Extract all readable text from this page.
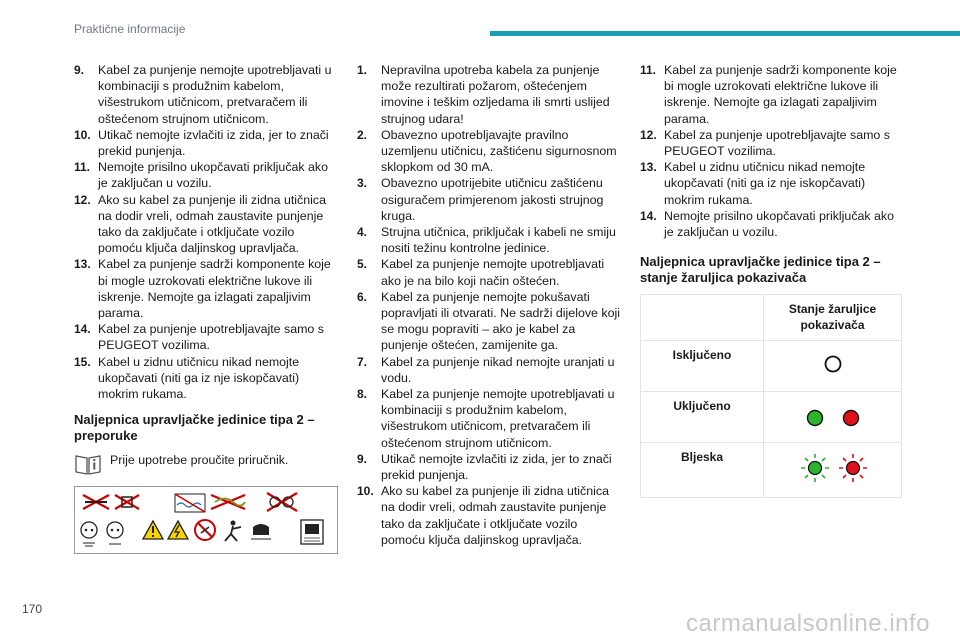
Praktične informacije
9.	Kabel za punjenje nemojte upotrebljavati u kombinaciji s produžnim kabelom, višestrukom utičnicom, pretvaračem ili oštećenom strujnom utičnicom.
10. Utikač nemojte izvlačiti iz zida, jer to znači prekid punjenja.
11. Nemojte prisilno ukopčavati priključak ako je zaključan u vozilu.
12. Ako su kabel za punjenje ili zidna utičnica na dodir vreli, odmah zaustavite punjenje tako da zaključate i otključate vozilo pomoću ključa daljinskog upravljača.
13. Kabel za punjenje sadrži komponente koje bi mogle uzrokovati električne lukove ili iskrenje. Nemojte ga izlagati zapaljivim parama.
14. Kabel za punjenje upotrebljavajte samo s PEUGEOT vozilima.
15. Kabel u zidnu utičnicu nikad nemojte ukopčavati (niti ga iz nje iskopčavati) mokrim rukama.
Naljepnica upravljačke jedinice tipa 2 – preporuke
Prije upotrebe proučite priručnik.
1.	Nepravilna upotreba kabela za punjenje može rezultirati požarom, oštećenjem imovine i teškim ozljedama ili smrti uslijed strujnog udara!
2.	Obavezno upotrebljavajte pravilno uzemljenu utičnicu, zaštićenu sigurnosnom sklopkom od 30 mA.
3.	Obavezno upotrijebite utičnicu zaštićenu osiguračem primjerenom jakosti strujnog kruga.
4.	Strujna utičnica, priključak i kabeli ne smiju nositi težinu kontrolne jedinice.
5.	Kabel za punjenje nemojte upotrebljavati ako je na bilo koji način oštećen.
6.	Kabel za punjenje nemojte pokušavati popravljati ili otvarati. Ne sadrži dijelove koji se mogu popraviti – ako je kabel za punjenje oštećen, zamijenite ga.
7.	Kabel za punjenje nikad nemojte uranjati u vodu.
8.	Kabel za punjenje nemojte upotrebljavati u kombinaciji s produžnim kabelom, višestrukom utičnicom, pretvaračem ili oštećenom strujnom utičnicom.
9.	Utikač nemojte izvlačiti iz zida, jer to znači prekid punjenja.
10. Ako su kabel za punjenje ili zidna utičnica na dodir vreli, odmah zaustavite punjenje tako da zaključate i otključate vozilo pomoću ključa daljinskog upravljača.
11. Kabel za punjenje sadrži komponente koje bi mogle uzrokovati električne lukove ili iskrenje. Nemojte ga izlagati zapaljivim parama.
12. Kabel za punjenje upotrebljavajte samo s PEUGEOT vozilima.
13. Kabel u zidnu utičnicu nikad nemojte ukopčavati (niti ga iz nje iskopčavati) mokrim rukama.
14. Nemojte prisilno ukopčavati priključak ako je zaključan u vozilu.
Naljepnica upravljačke jedinice tipa 2 – stanje žaruljica pokazivača
	Stanje žaruljice pokazivača
Isključeno	
Uključeno	
Bljeska	
170
carmanualsonline.info
